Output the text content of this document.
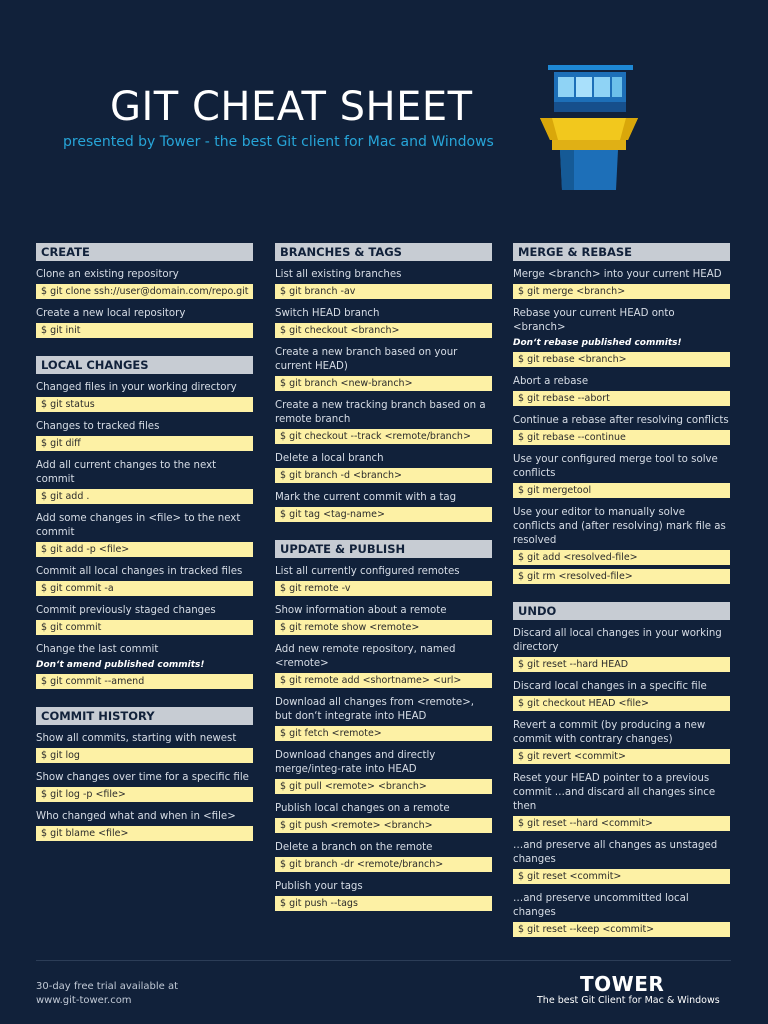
GIT CHEAT SHEET
presented by Tower - the best Git client for Mac and Windows
CREATE
Clone an existing repository
$ git clone ssh://user@domain.com/repo.git
Create a new local repository
$ git init
LOCAL CHANGES
Changed files in your working directory
$ git status
Changes to tracked files
$ git diff
Add all current changes to the next commit
$ git add .
Add some changes in <file> to the next commit
$ git add -p <file>
Commit all local changes in tracked files
$ git commit -a
Commit previously staged changes
$ git commit
Change the last commit
Don‘t amend published commits!
$ git commit --amend
COMMIT HISTORY
Show all commits, starting with newest
$ git log
Show changes over time for a specific file
$ git log -p <file>
Who changed what and when in <file>
$ git blame <file>
BRANCHES & TAGS
List all existing branches
$ git branch -av
Switch HEAD branch
$ git checkout <branch>
Create a new branch based on your current HEAD)
$ git branch <new-branch>
Create a new tracking branch based on a remote branch
$ git checkout --track <remote/branch>
Delete a local branch
$ git branch -d <branch>
Mark the current commit with a tag
$ git tag <tag-name>
UPDATE & PUBLISH
List all currently configured remotes
$ git remote -v
Show information about a remote
$ git remote show <remote>
Add new remote repository, named <remote>
$ git remote add <shortname> <url>
Download all changes from <remote>, but don‘t integrate into HEAD
$ git fetch <remote>
Download changes and directly merge/integ-rate into HEAD
$ git pull <remote> <branch>
Publish local changes on a remote
$ git push <remote> <branch>
Delete a branch on the remote
$ git branch -dr <remote/branch>
Publish your tags
$ git push --tags
MERGE & REBASE
Merge <branch> into your current HEAD
$ git merge <branch>
Rebase your current HEAD onto <branch>
Don‘t rebase published commits!
$ git rebase <branch>
Abort a rebase
$ git rebase --abort
Continue a rebase after resolving conflicts
$ git rebase --continue
Use your configured merge tool to solve conflicts
$ git mergetool
Use your editor to manually solve conflicts and (after resolving) mark file as resolved
$ git add <resolved-file>
$ git rm <resolved-file>
UNDO
Discard all local changes in your working directory
$ git reset --hard HEAD
Discard local changes in a specific file
$ git checkout HEAD <file>
Revert a commit (by producing a new commit with contrary changes)
$ git revert <commit>
Reset your HEAD pointer to a previous commit …and discard all changes since then
$ git reset --hard <commit>
…and preserve all changes as unstaged changes
$ git reset <commit>
…and preserve uncommitted local changes
$ git reset --keep <commit>
30-day free trial available at
www.git-tower.com
TOWER
The best Git Client for Mac & Windows
